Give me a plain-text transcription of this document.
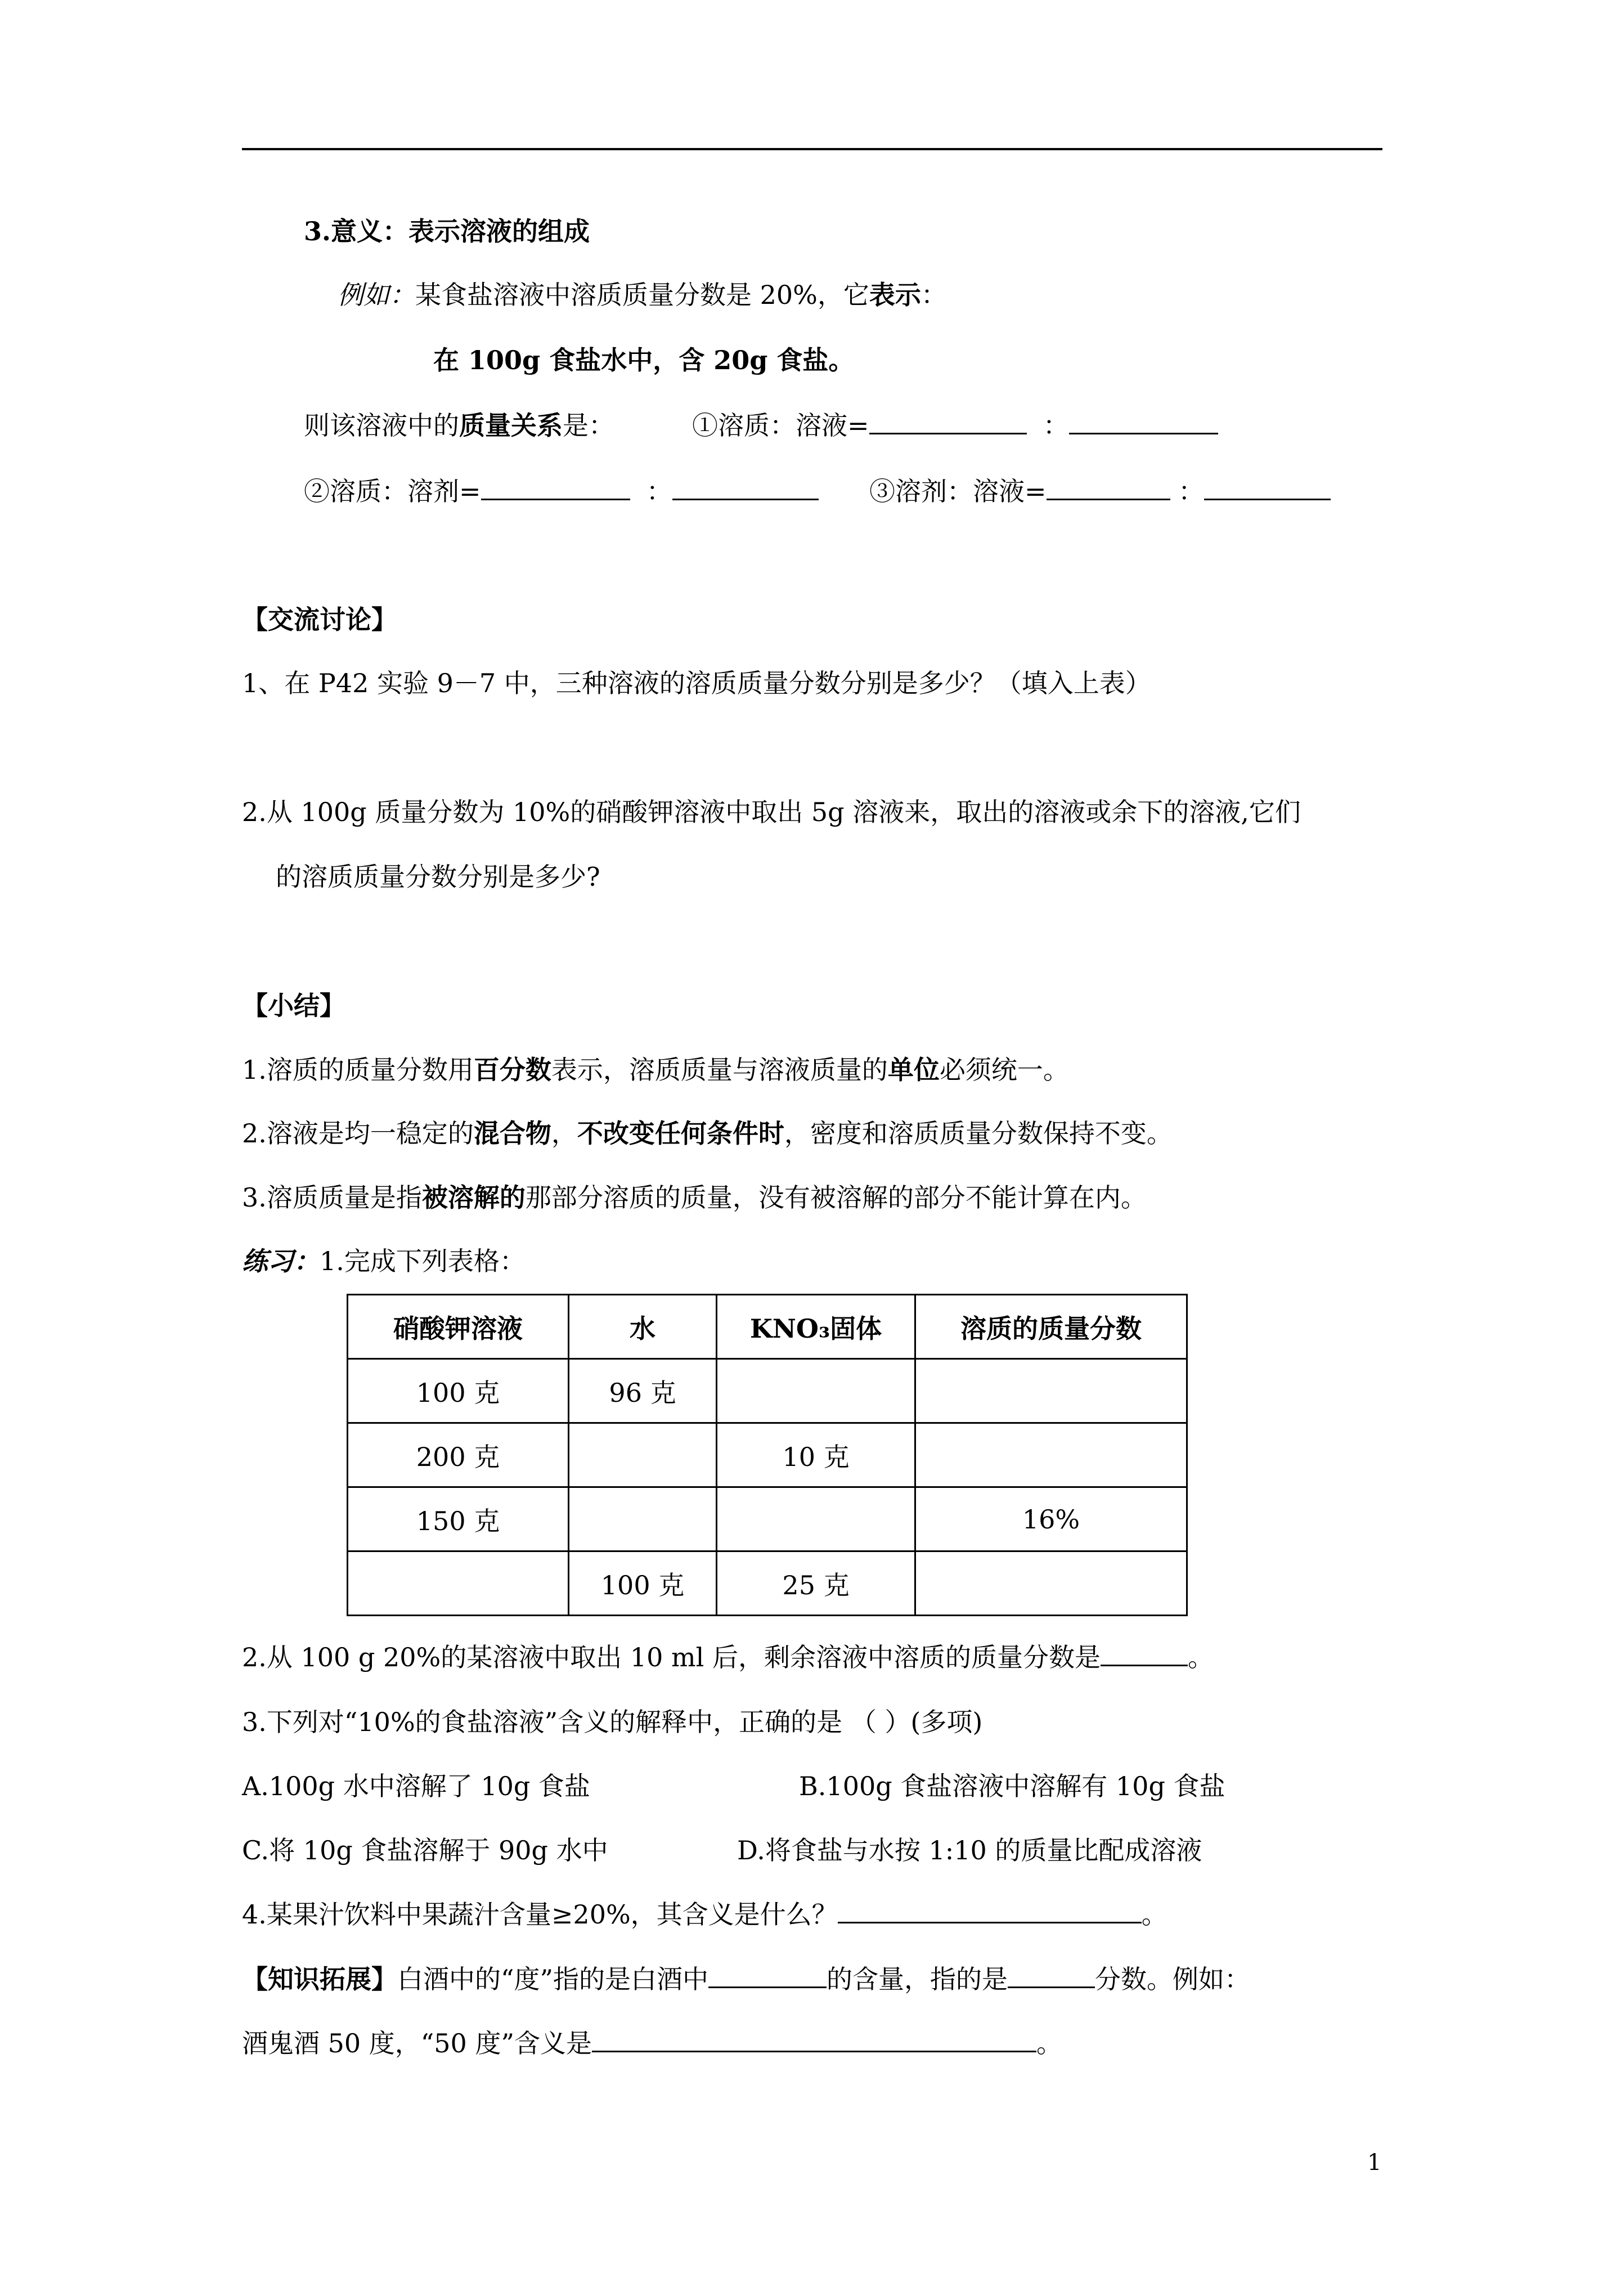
3.意义：表示溶液的组成
例如：某食盐溶液中溶质质量分数是 20%，它表示：
在 100g 食盐水中，含 20g 食盐。
则该溶液中的质量关系是：	①溶质：溶液=	：
②溶质：溶剂=	：	③溶剂：溶液=	：
【交流讨论】
1、在 P42 实验 9－7 中，三种溶液的溶质质量分数分别是多少？（填入上表）
2.从 100g 质量分数为 10%的硝酸钾溶液中取出 5g 溶液来，取出的溶液或余下的溶液,它们
的溶质质量分数分别是多少?
【小结】
1.溶质的质量分数用百分数表示，溶质质量与溶液质量的单位必须统一。
2.溶液是均一稳定的混合物，不改变任何条件时，密度和溶质质量分数保持不变。
3.溶质质量是指被溶解的那部分溶质的质量，没有被溶解的部分不能计算在内。
练习：1.完成下列表格：
硝酸钾溶液	水	KNO₃固体	溶质的质量分数
100 克	96 克		
200 克		10 克	
150 克			16%
	100 克	25 克	
2.从 100 g 20%的某溶液中取出 10 ml 后，剩余溶液中溶质的质量分数是	。
3.下列对“10%的食盐溶液”含义的解释中，正确的是 （ ）(多项)
A.100g 水中溶解了 10g 食盐	B.100g 食盐溶液中溶解有 10g 食盐
C.将 10g 食盐溶解于 90g 水中	D.将食盐与水按 1:10 的质量比配成溶液
4.某果汁饮料中果蔬汁含量≥20%，其含义是什么？	。
【知识拓展】白酒中的“度”指的是白酒中	的含量，指的是	分数。例如：
酒鬼酒 50 度，“50 度”含义是	。
1
